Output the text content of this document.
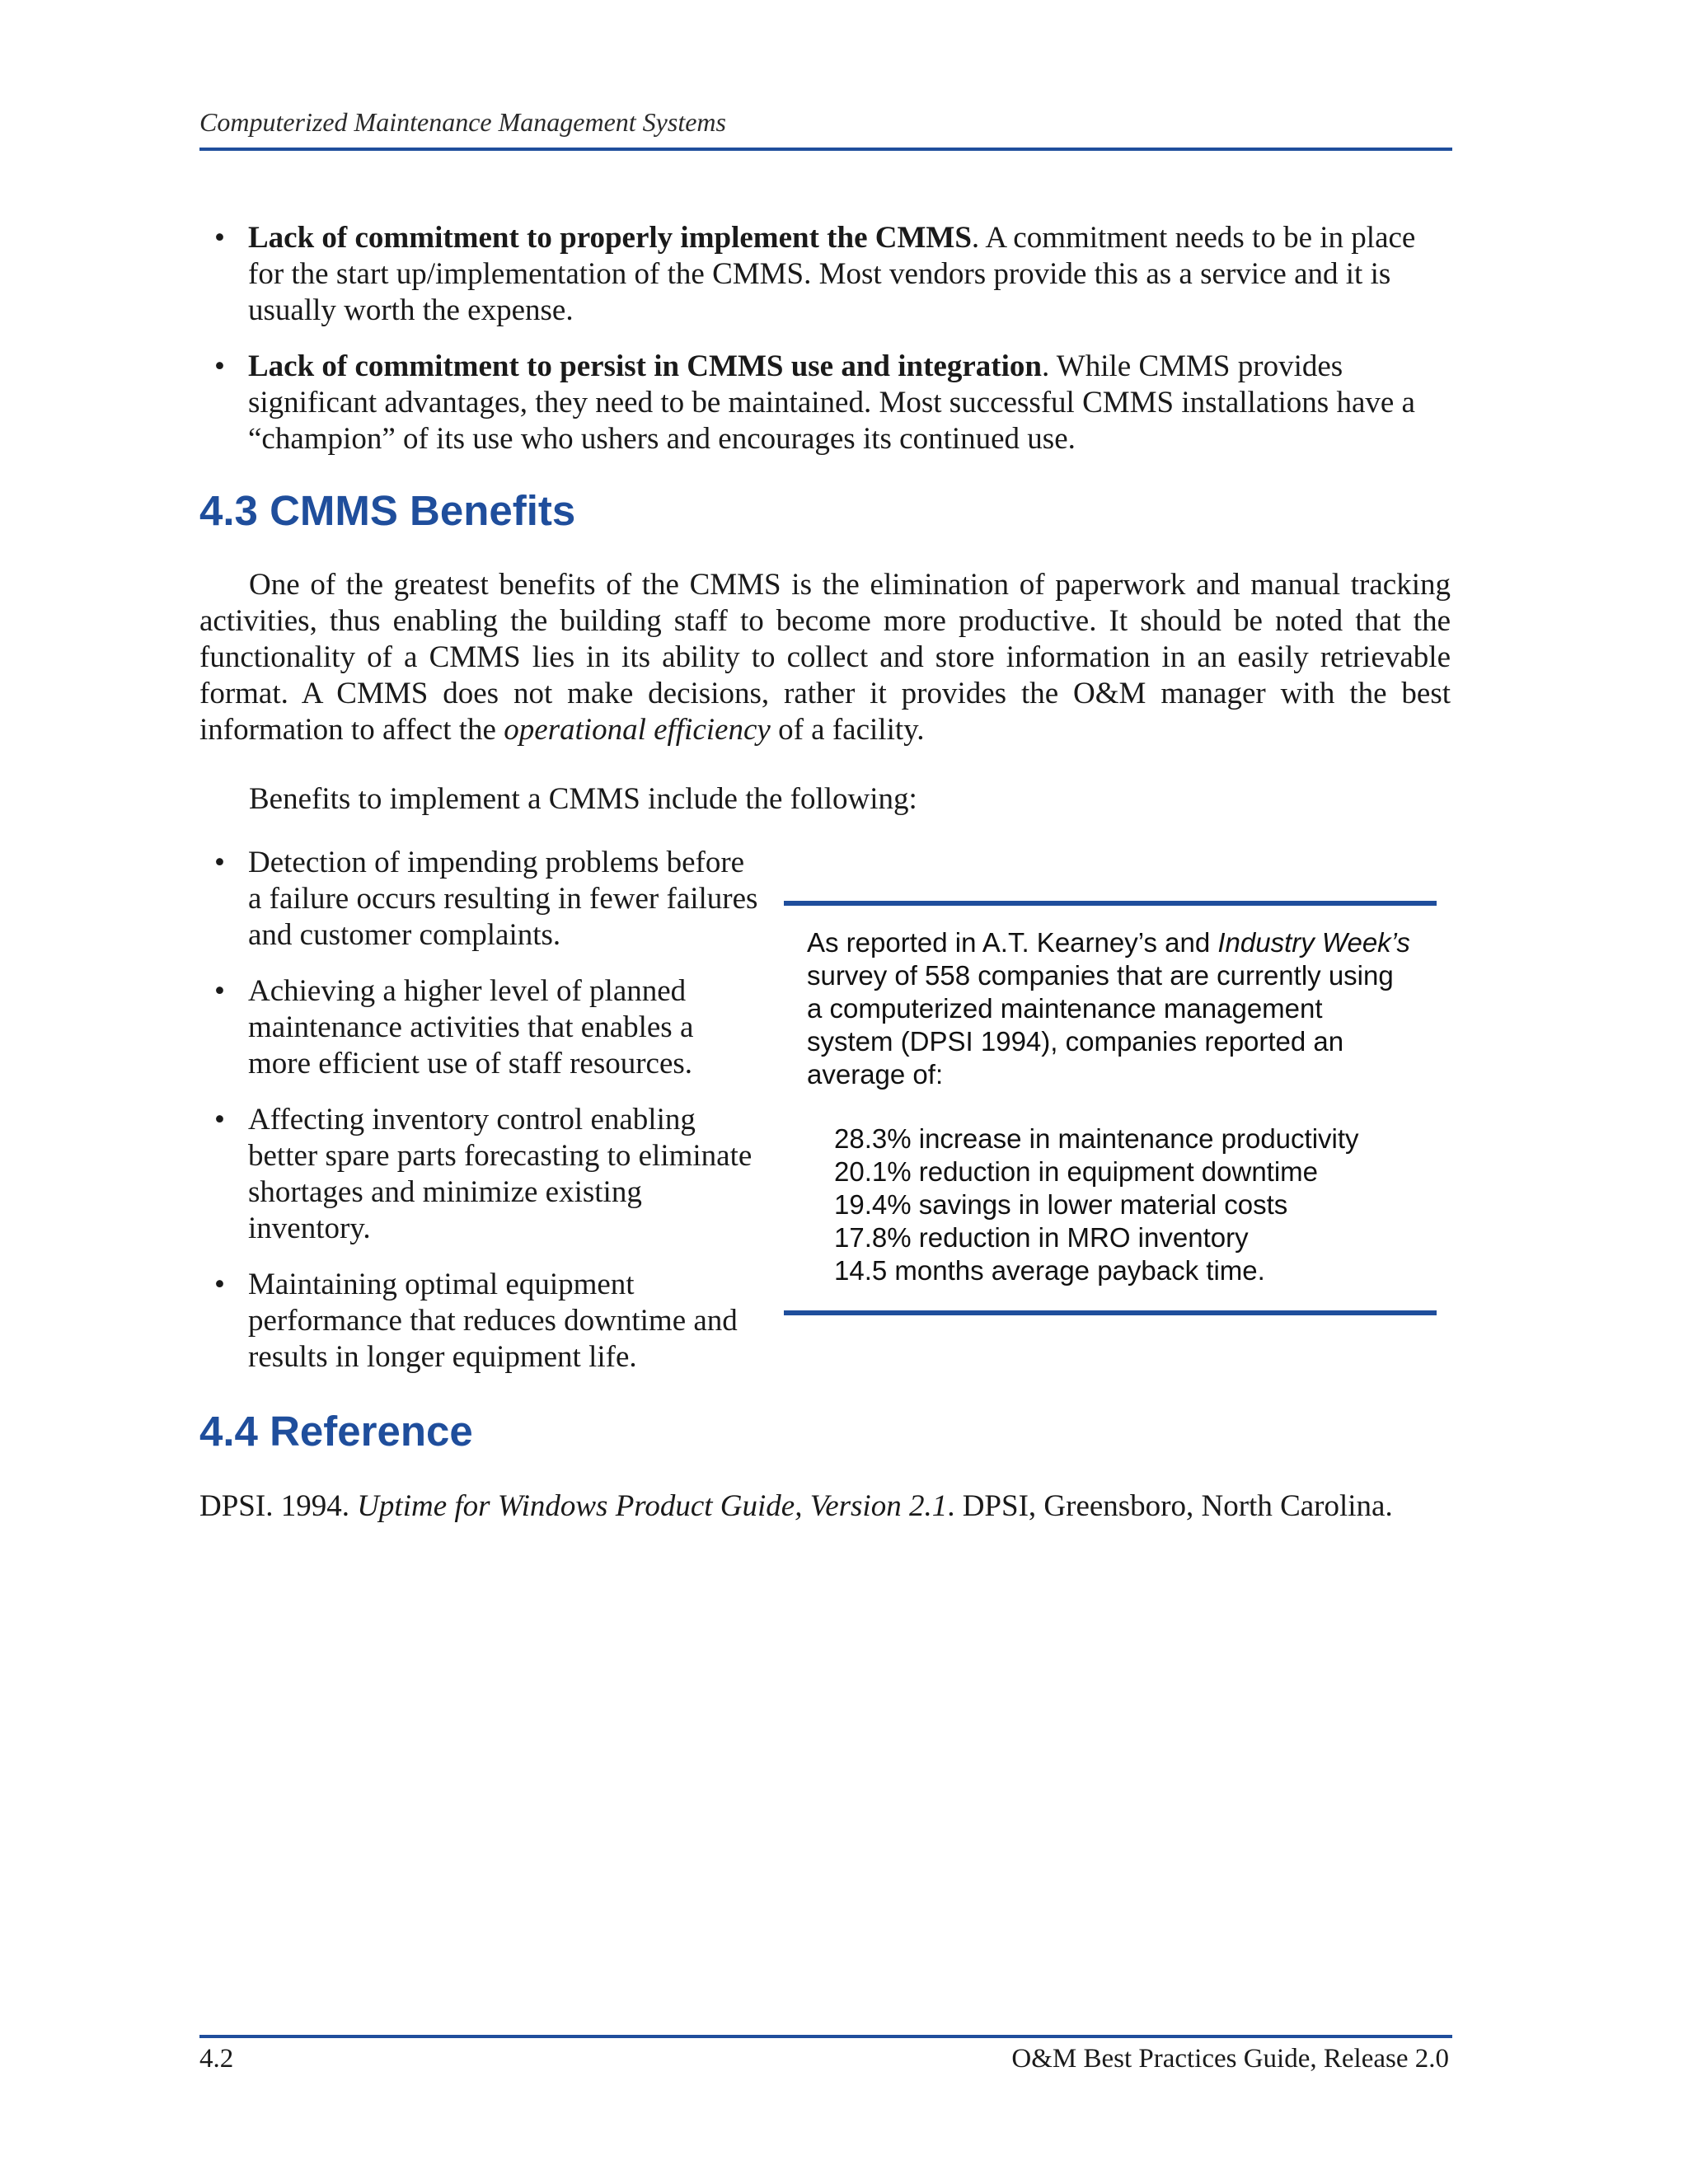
Computerized Maintenance Management Systems
• Lack of commitment to properly implement the CMMS. A commitment needs to be in place for the start up/implementation of the CMMS. Most vendors provide this as a service and it is usually worth the expense.
• Lack of commitment to persist in CMMS use and integration. While CMMS provides significant advantages, they need to be maintained. Most successful CMMS installations have a “champion” of its use who ushers and encourages its continued use.
4.3 CMMS Benefits

One of the greatest benefits of the CMMS is the elimination of paperwork and manual tracking activities, thus enabling the building staff to become more productive. It should be noted that the functionality of a CMMS lies in its ability to collect and store information in an easily retrievable format. A CMMS does not make decisions, rather it provides the O&M manager with the best information to affect the operational efficiency of a facility.

Benefits to implement a CMMS include the following:

• Detection of impending problems before a failure occurs resulting in fewer failures and customer complaints.
• Achieving a higher level of planned maintenance activities that enables a more efficient use of staff resources.
• Affecting inventory control enabling better spare parts forecasting to eliminate shortages and minimize existing inventory.
• Maintaining optimal equipment performance that reduces downtime and results in longer equipment life.
As reported in A.T. Kearney’s and Industry Week’s survey of 558 companies that are currently using a computerized maintenance management system (DPSI 1994), companies reported an average of:
28.3% increase in maintenance productivity
20.1% reduction in equipment downtime
19.4% savings in lower material costs
17.8% reduction in MRO inventory
14.5 months average payback time.
4.4 Reference
DPSI. 1994. Uptime for Windows Product Guide, Version 2.1. DPSI, Greensboro, North Carolina.
4.2	O&M Best Practices Guide, Release 2.0
